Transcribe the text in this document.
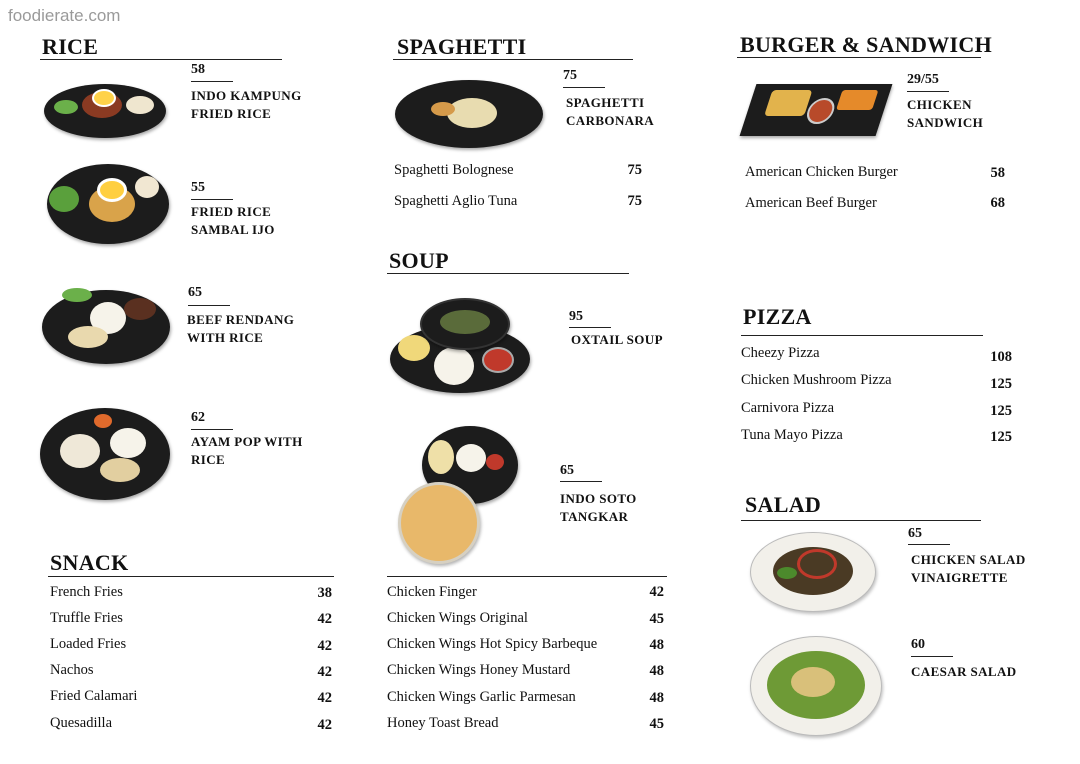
foodierate.com
RICE
58
INDO KAMPUNG
FRIED RICE
55
FRIED RICE
SAMBAL IJO
65
BEEF RENDANG
WITH RICE
62
AYAM POP WITH
RICE
SPAGHETTI
75
SPAGHETTI
CARBONARA
Spaghetti Bolognese	75
Spaghetti Aglio Tuna	75
SOUP
95
OXTAIL SOUP
65
INDO SOTO
TANGKAR
BURGER & SANDWICH
29/55
CHICKEN
SANDWICH
American Chicken Burger	58
American Beef Burger	68
PIZZA
Cheezy Pizza	108
Chicken Mushroom Pizza	125
Carnivora Pizza	125
Tuna Mayo Pizza	125
SALAD
65
CHICKEN SALAD
VINAIGRETTE
60
CAESAR SALAD
SNACK
French Fries	38
Truffle Fries	42
Loaded Fries	42
Nachos	42
Fried Calamari	42
Quesadilla	42
Chicken Finger	42
Chicken Wings Original	45
Chicken Wings Hot Spicy Barbeque	48
Chicken Wings Honey Mustard	48
Chicken Wings Garlic Parmesan	48
Honey Toast Bread	45
